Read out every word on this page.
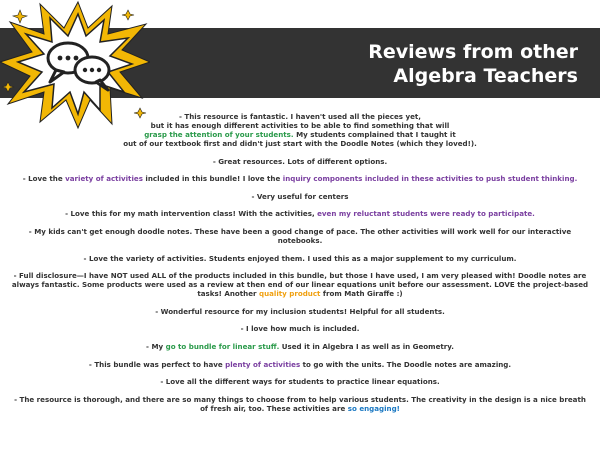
Reviews from other
Algebra Teachers
- This resource is fantastic. I haven't used all the pieces yet,
but it has enough different activities to be able to find something that will
grasp the attention of your students. My students complained that I taught it
out of our textbook first and didn't just start with the Doodle Notes (which they loved!).
- Great resources. Lots of different options.
- Love the variety of activities included in this bundle! I love the inquiry components included in these activities to push student thinking.
- Very useful for centers
- Love this for my math intervention class! With the activities, even my reluctant students were ready to participate.
- My kids can't get enough doodle notes. These have been a good change of pace. The other activities will work well for our interactive notebooks.
- Love the variety of activities. Students enjoyed them. I used this as a major supplement to my curriculum.
- Full disclosure—I have NOT used ALL of the products included in this bundle, but those I have used, I am very pleased with! Doodle notes are always fantastic. Some products were used as a review at then end of our linear equations unit before our assessment. LOVE the project-based tasks! Another quality product from Math Giraffe :)
- Wonderful resource for my inclusion students! Helpful for all students.
- I love how much is included.
- My go to bundle for linear stuff. Used it in Algebra I as well as in Geometry.
- This bundle was perfect to have plenty of activities to go with the units. The Doodle notes are amazing.
- Love all the different ways for students to practice linear equations.
- The resource is thorough, and there are so many things to choose from to help various students. The creativity in the design is a nice breath of fresh air, too. These activities are so engaging!
